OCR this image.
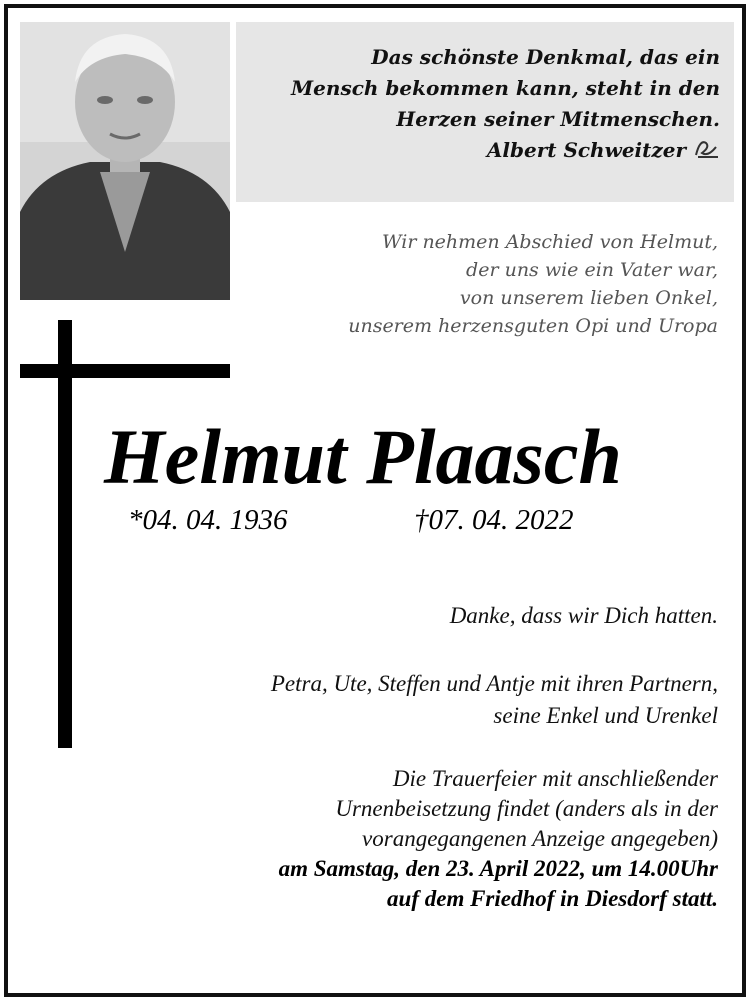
Das schönste Denkmal, das ein
Mensch bekommen kann, steht in den
Herzen seiner Mitmenschen.
Albert Schweitzer
Wir nehmen Abschied von Helmut,
der uns wie ein Vater war,
von unserem lieben Onkel,
unserem herzensguten Opi und Uropa
Helmut Plaasch
*04. 04. 1936	†07. 04. 2022
Danke, dass wir Dich hatten.
Petra, Ute, Steffen und Antje mit ihren Partnern,
seine Enkel und Urenkel
Die Trauerfeier mit anschließender
Urnenbeisetzung findet (anders als in der
vorangegangenen Anzeige angegeben)
am Samstag, den 23. April 2022, um 14.00Uhr
auf dem Friedhof in Diesdorf statt.
